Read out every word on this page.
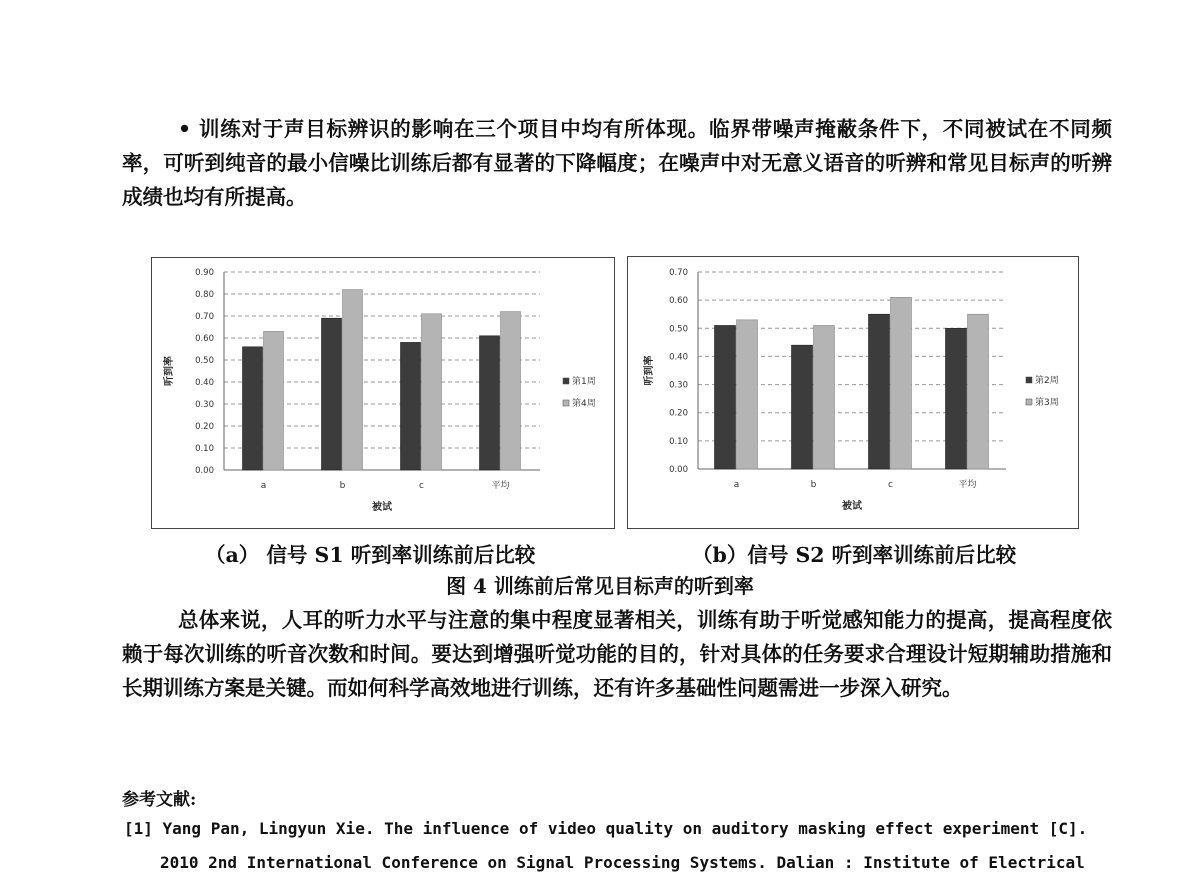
• 训练对于声目标辨识的影响在三个项目中均有所体现。临界带噪声掩蔽条件下，不同被试在不同频率，可听到纯音的最小信噪比训练后都有显著的下降幅度；在噪声中对无意义语音的听辨和常见目标声的听辨成绩也均有所提高。

0.00
0.10
0.20
0.30
0.40
0.50
0.60
0.70
0.80
0.90
a	b	c	平均
被试
听到率	第1周
第4周
0.00
0.10
0.20
0.30
0.40
0.50
0.60
0.70
a	b	c	平均
被试
听到率	第2周
第3周
（a） 信号 S1 听到率训练前后比较	（b）信号 S2 听到率训练前后比较
图 4 训练前后常见目标声的听到率

总体来说，人耳的听力水平与注意的集中程度显著相关，训练有助于听觉感知能力的提高，提高程度依赖于每次训练的听音次数和时间。要达到增强听觉功能的目的，针对具体的任务要求合理设计短期辅助措施和长期训练方案是关键。而如何科学高效地进行训练，还有许多基础性问题需进一步深入研究。

参考文献:

[1] Yang Pan, Lingyun Xie. The influence of video quality on auditory masking effect experiment [C].

2010 2nd International Conference on Signal Processing Systems. Dalian : Institute of Electrical
